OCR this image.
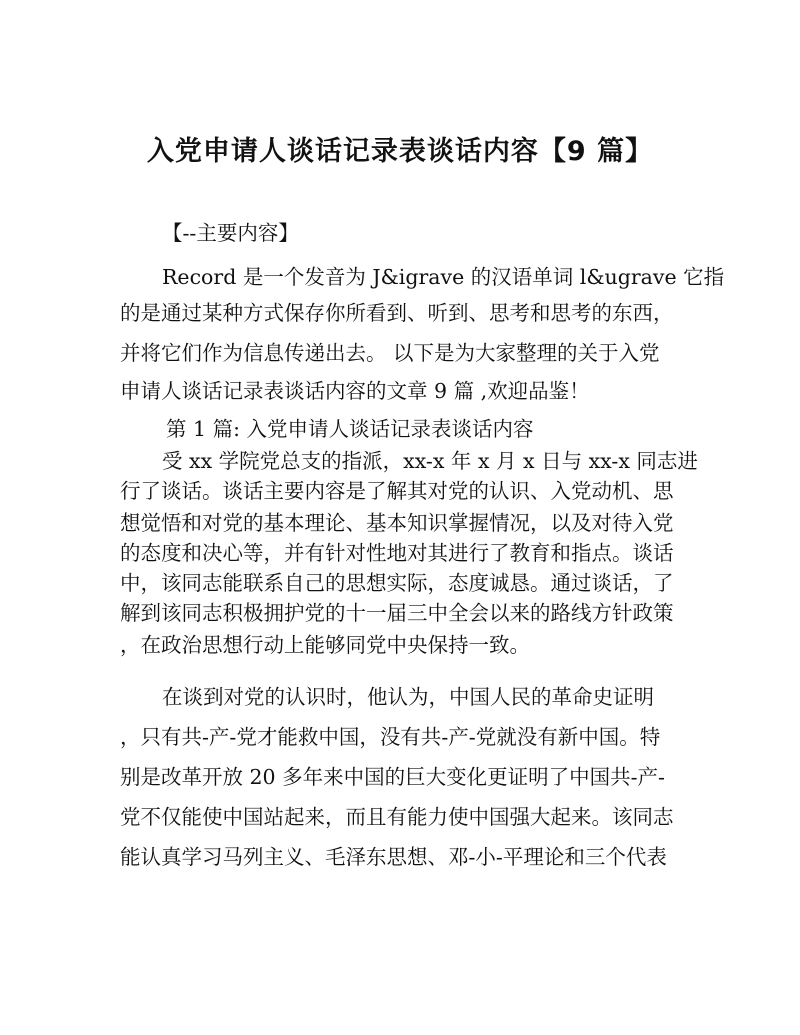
入党申请人谈话记录表谈话内容【9 篇】
【--主要内容】
Record 是一个发音为 J&igrave 的汉语单词 l&ugrave 它指
的是通过某种方式保存你所看到、听到、思考和思考的东西，
并将它们作为信息传递出去。 以下是为大家整理的关于入党
申请人谈话记录表谈话内容的文章 9 篇 ,欢迎品鉴！
第 1 篇: 入党申请人谈话记录表谈话内容
受 xx 学院党总支的指派，xx-x 年 x 月 x 日与 xx-x 同志进
行了谈话。谈话主要内容是了解其对党的认识、入党动机、思
想觉悟和对党的基本理论、基本知识掌握情况，以及对待入党
的态度和决心等，并有针对性地对其进行了教育和指点。谈话
中，该同志能联系自己的思想实际，态度诚恳。通过谈话，了
解到该同志积极拥护党的十一届三中全会以来的路线方针政策
，在政治思想行动上能够同党中央保持一致。
在谈到对党的认识时，他认为，中国人民的革命史证明
，只有共-产-党才能救中国，没有共-产-党就没有新中国。特
别是改革开放 20 多年来中国的巨大变化更证明了中国共-产-
党不仅能使中国站起来，而且有能力使中国强大起来。该同志
能认真学习马列主义、毛泽东思想、邓-小-平理论和三个代表
